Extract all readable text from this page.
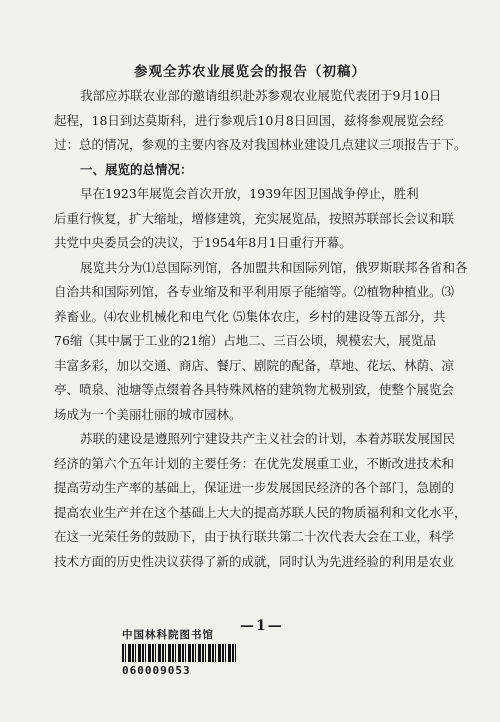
参观全苏农业展览会的报告（初稿）
我部应苏联农业部的邀请组织赴苏参观农业展览代表团于9月10日
起程，18日到达莫斯科，进行参观后10月8日回国，兹将参观展览会经
过：总的情况，参观的主要内容及对我国林业建设几点建议三项报告于下。
一、展览的总情况：
早在1923年展览会首次开放，1939年因卫国战争停止，胜利
后重行恢复，扩大缩址，增修建筑，充实展览品，按照苏联部长会议和联
共党中央委员会的决议，于1954年8月1日重行开幕。
展览共分为⑴总国际列馆，各加盟共和国际列馆，俄罗斯联邦各省和各
自治共和国际列馆，各专业缩及和平利用原子能缩等。⑵植物种植业。⑶
养畜业。⑷农业机械化和电气化 ⑸集体农庄，乡村的建设等五部分，共
76缩（其中属于工业的21缩）占地二、三百公顷，规模宏大，展览品
丰富多彩，加以交通、商店、餐厅、剧院的配备，草地、花坛、林荫、凉
亭、喷泉、池塘等点缀着各具特殊风格的建筑物尤极别致，使整个展览会
场成为一个美丽壮丽的城市园林。
苏联的建设是遵照列宁建设共产主义社会的计划，本着苏联发展国民
经济的第六个五年计划的主要任务：在优先发展重工业，不断改进技术和
提高劳动生产率的基础上，保证进一步发展国民经济的各个部门，急剧的
提高农业生产并在这个基础上大大的提高苏联人民的物质福利和文化水平，
在这一光荣任务的鼓励下，由于执行联共第二十次代表大会在工业，科学
技术方面的历史性决议获得了新的成就，同时认为先进经验的利用是农业
—1—
中国林科院图书馆
060009053
